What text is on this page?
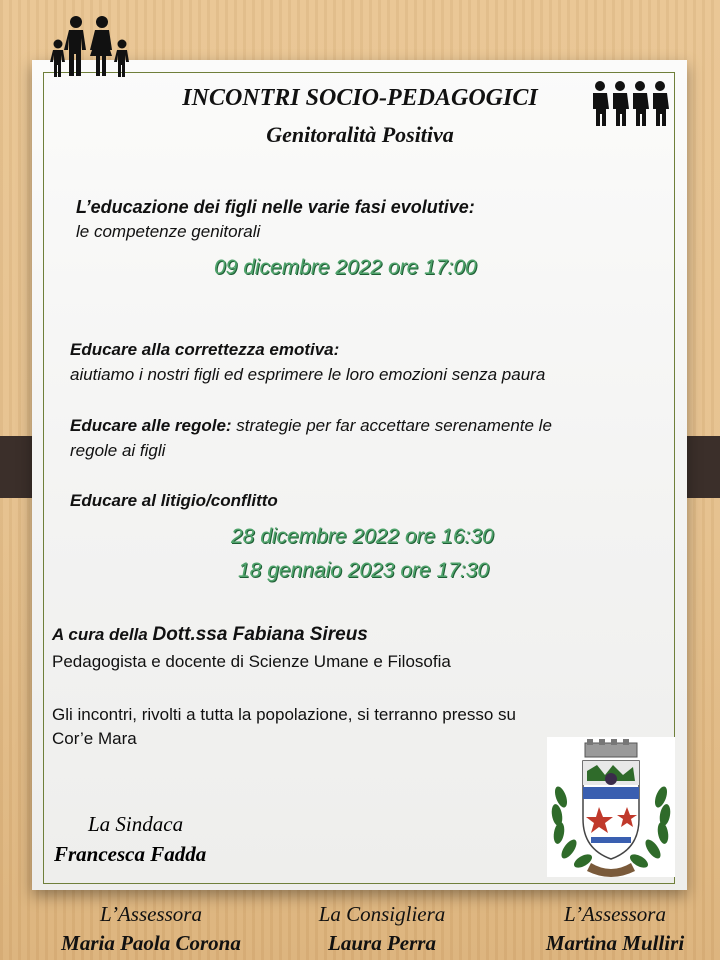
INCONTRI SOCIO-PEDAGOGICI
Genitoralità Positiva

L’educazione dei figli nelle varie fasi evolutive:

le competenze genitorali

09 dicembre 2022 ore 17:00

Educare alla correttezza emotiva:

aiutiamo i nostri figli ed esprimere le loro emozioni senza paura

Educare alle regole: strategie per far accettare serenamente le

regole ai figli

Educare al litigio/conflitto

28 dicembre 2022 ore 16:30

18 gennaio 2023 ore 17:30

A cura della Dott.ssa Fabiana Sireus

Pedagogista e docente di Scienze Umane e Filosofia

Gli incontri, rivolti a tutta la popolazione, si terranno presso su

Cor’e Mara

La Sindaca

Francesca Fadda

L’Assessora
Maria Paola Corona
La Consigliera
Laura Perra
L’Assessora
Martina Mulliri
